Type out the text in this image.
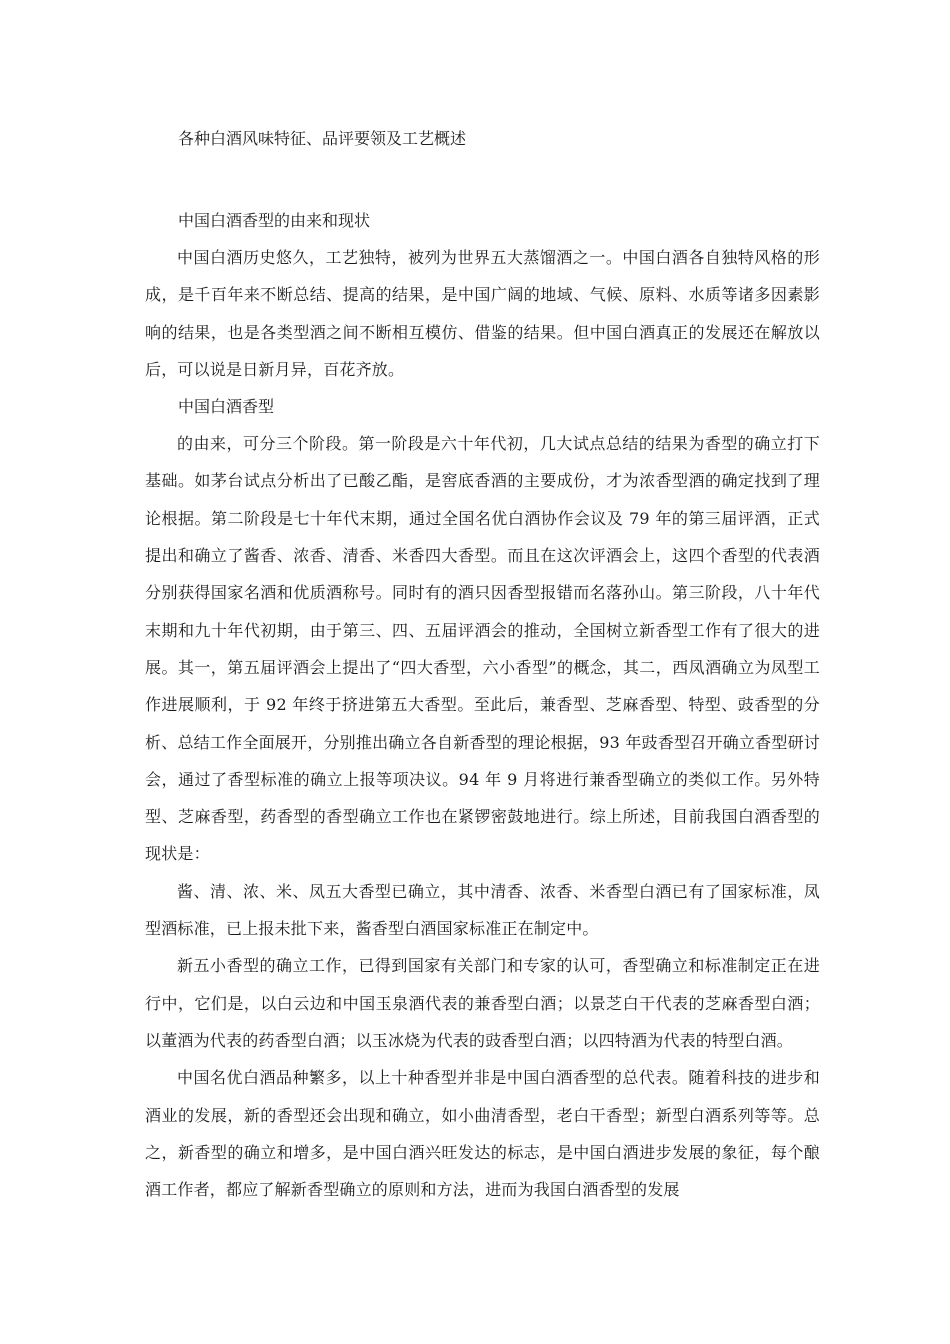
各种白酒风味特征、品评要领及工艺概述
中国白酒香型的由来和现状

中国白酒历史悠久，工艺独特，被列为世界五大蒸馏酒之一。中国白酒各自独特风格的形成，是千百年来不断总结、提高的结果，是中国广阔的地域、气候、原料、水质等诸多因素影响的结果，也是各类型酒之间不断相互模仿、借鉴的结果。但中国白酒真正的发展还在解放以后，可以说是日新月异，百花齐放。

中国白酒香型

的由来，可分三个阶段。第一阶段是六十年代初，几大试点总结的结果为香型的确立打下基础。如茅台试点分析出了已酸乙酯，是窖底香酒的主要成份，才为浓香型酒的确定找到了理论根据。第二阶段是七十年代末期，通过全国名优白酒协作会议及 79 年的第三届评酒，正式提出和确立了酱香、浓香、清香、米香四大香型。而且在这次评酒会上，这四个香型的代表酒分别获得国家名酒和优质酒称号。同时有的酒只因香型报错而名落孙山。第三阶段，八十年代末期和九十年代初期，由于第三、四、五届评酒会的推动，全国树立新香型工作有了很大的进展。其一，第五届评酒会上提出了“四大香型，六小香型”的概念，其二，西凤酒确立为凤型工作进展顺利，于 92 年终于挤进第五大香型。至此后，兼香型、芝麻香型、特型、豉香型的分析、总结工作全面展开，分别推出确立各自新香型的理论根据，93 年豉香型召开确立香型研讨会，通过了香型标准的确立上报等项决议。94 年 9 月将进行兼香型确立的类似工作。另外特型、芝麻香型，药香型的香型确立工作也在紧锣密鼓地进行。综上所述，目前我国白酒香型的现状是：

酱、清、浓、米、凤五大香型已确立，其中清香、浓香、米香型白酒已有了国家标准，凤型酒标准，已上报未批下来，酱香型白酒国家标准正在制定中。

新五小香型的确立工作，已得到国家有关部门和专家的认可，香型确立和标准制定正在进行中，它们是，以白云边和中国玉泉酒代表的兼香型白酒；以景芝白干代表的芝麻香型白酒；以董酒为代表的药香型白酒；以玉冰烧为代表的豉香型白酒；以四特酒为代表的特型白酒。

中国名优白酒品种繁多，以上十种香型并非是中国白酒香型的总代表。随着科技的进步和酒业的发展，新的香型还会出现和确立，如小曲清香型，老白干香型；新型白酒系列等等。总之，新香型的确立和增多，是中国白酒兴旺发达的标志，是中国白酒进步发展的象征，每个酿酒工作者，都应了解新香型确立的原则和方法，进而为我国白酒香型的发展
